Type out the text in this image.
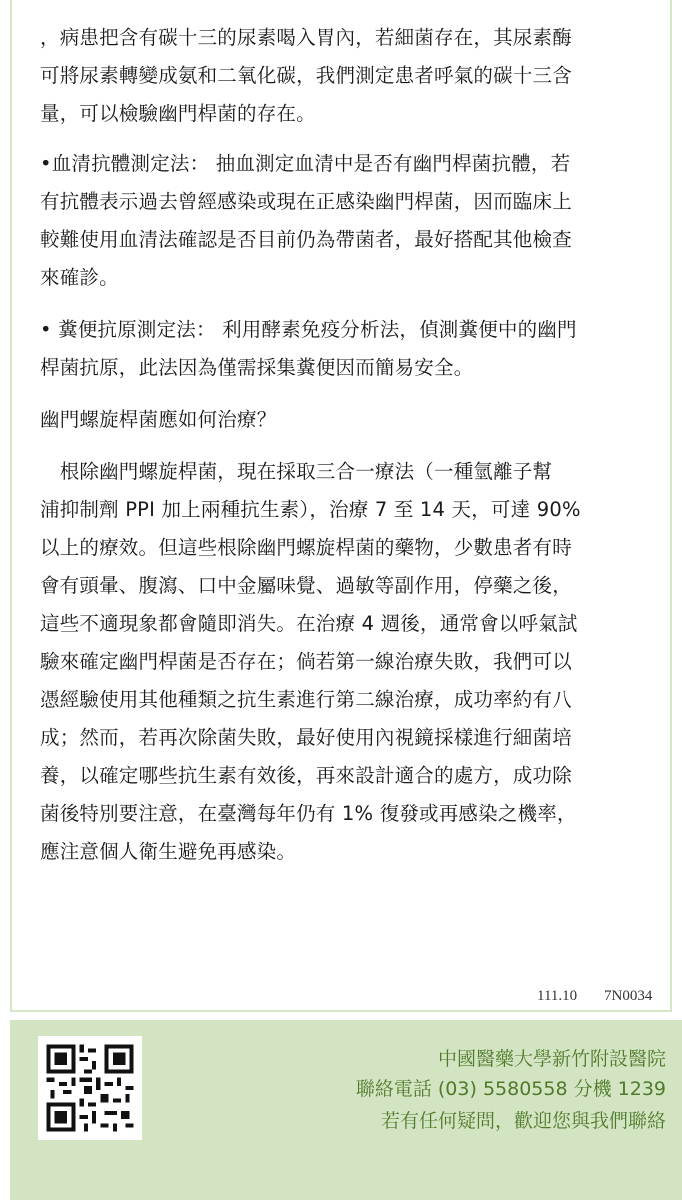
，病患把含有碳十三的尿素喝入胃內，若細菌存在，其尿素酶
可將尿素轉變成氨和二氧化碳，我們測定患者呼氣的碳十三含
量，可以檢驗幽門桿菌的存在。
•血清抗體測定法： 抽血測定血清中是否有幽門桿菌抗體，若
有抗體表示過去曾經感染或現在正感染幽門桿菌，因而臨床上
較難使用血清法確認是否目前仍為帶菌者，最好搭配其他檢查
來確診。
• 糞便抗原測定法： 利用酵素免疫分析法，偵測糞便中的幽門
桿菌抗原，此法因為僅需採集糞便因而簡易安全。
幽門螺旋桿菌應如何治療？
　根除幽門螺旋桿菌，現在採取三合一療法（一種氫離子幫
浦抑制劑 PPI 加上兩種抗生素），治療 7 至 14 天，可達 90%
以上的療效。但這些根除幽門螺旋桿菌的藥物，少數患者有時
會有頭暈、腹瀉、口中金屬味覺、過敏等副作用，停藥之後，
這些不適現象都會隨即消失。在治療 4 週後，通常會以呼氣試
驗來確定幽門桿菌是否存在；倘若第一線治療失敗，我們可以
憑經驗使用其他種類之抗生素進行第二線治療，成功率約有八
成；然而，若再次除菌失敗，最好使用內視鏡採樣進行細菌培
養，以確定哪些抗生素有效後，再來設計適合的處方，成功除
菌後特別要注意，在臺灣每年仍有 1% 復發或再感染之機率，
應注意個人衛生避免再感染。
111.10 7N0034
中國醫藥大學新竹附設醫院
聯絡電話 (03) 5580558 分機 1239
若有任何疑問，歡迎您與我們聯絡
